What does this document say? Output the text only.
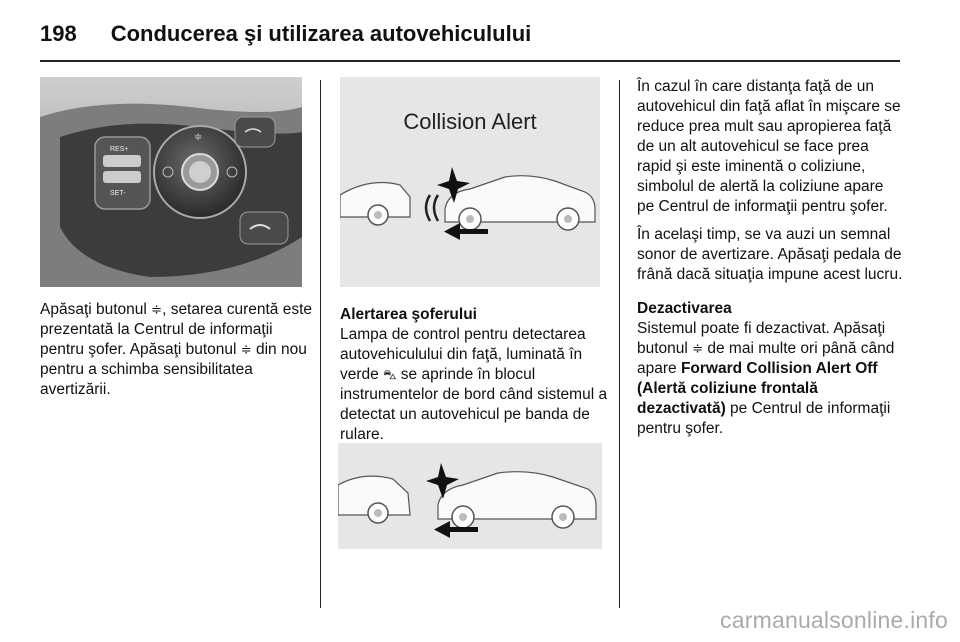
198 Conducerea şi utilizarea autovehiculului
RES+
SET-
≑
Collision Alert

Apăsaţi butonul ≑, setarea curentă este prezentată la Centrul de informaţii pentru şofer. Apăsaţi butonul ≑ din nou pentru a schimba sensibilitatea avertizării.

Alertarea şoferului

Lampa de control pentru detectarea autovehiculului din faţă, luminată în verde ⛍ se aprinde în blocul instrumentelor de bord când sistemul a detectat un autovehicul pe banda de rulare.

În cazul în care distanţa faţă de un autovehicul din faţă aflat în mişcare se reduce prea mult sau apropierea faţă de un alt autovehicul se face prea rapid şi este iminentă o coliziune, simbolul de alertă la coliziune apare pe Centrul de informaţii pentru şofer.

În acelaşi timp, se va auzi un semnal sonor de avertizare. Apăsaţi pedala de frână dacă situaţia impune acest lucru.

Dezactivarea

Sistemul poate fi dezactivat. Apăsaţi butonul ≑ de mai multe ori până când apare Forward Collision Alert Off (Alertă coliziune frontală dezactivată) pe Centrul de informaţii pentru şofer.

carmanualsonline.info
